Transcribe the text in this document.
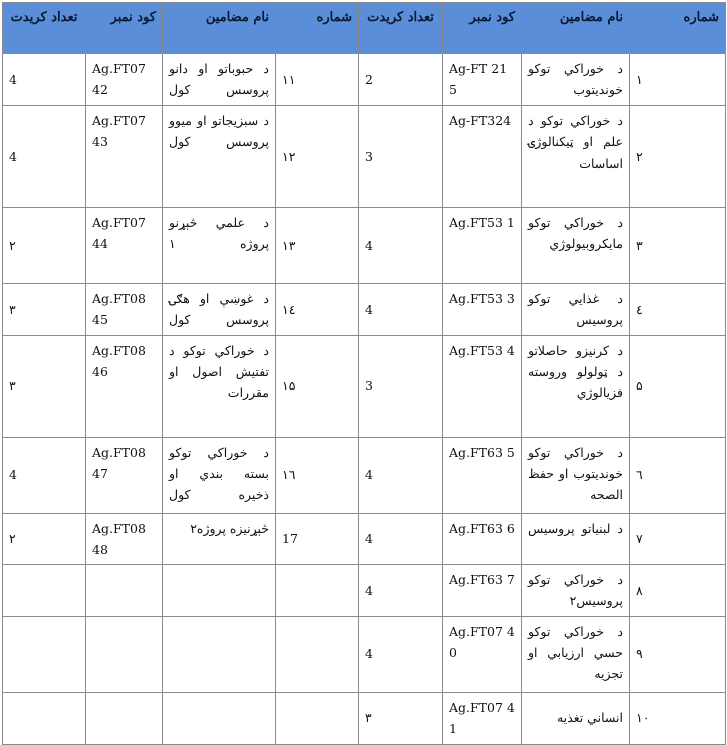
شماره	نام مضامین	کود نمبر	تعداد کریدت	شماره	نام مضامین	کود نمبر	تعداد کریدت
۱	د خوراکي توکو خونديتوب	Ag-FT 215	2	۱۱	د حبوباتو او دانو پروسس کول	Ag.FT07 42	4
۲	د خوراکي توکو د علم او ټيکنالوژۍ اساسات	Ag-FT324	3	۱۲	د سبزيجاتو او ميوو پروسس کول	Ag.FT07 43	4
۳	د خوراکي توکو مايکروبيولوژي	Ag.FT53 1	4	۱۳	د علمي څېړنو پروژه ۱	Ag.FT07 44	۲
٤	د غذايي توکو پروسيس	Ag.FT53 3	4	١٤	د غوښې او هګۍ پروسس کول	Ag.FT08 45	۳
۵	د کرنيزو حاصلاتو د ټولولو وروسته فزيالوژي	Ag.FT53 4	3	۱۵	د خوراکي توکو د تفتيش اصول او مقررات	Ag.FT08 46	۳
٦	د خوراکي توکو خونديتوب او حفظ الصحه	Ag.FT63 5	4	١٦	د خوراکي توکو بسته بندي او ذخيره کول	Ag.FT08 47	4
۷	د لبنياتو پروسيس	Ag.FT63 6	4	17	څېړنيزه پروژه۲	Ag.FT08 48	۲
۸	د خوراکي توکو پروسيس۲	Ag.FT63 7	4				
۹	د خوراکي توکو حسي ارزيابي او تجزيه	Ag.FT07 40	4				
۱۰	انساني تغذيه	Ag.FT07 41	۳				
